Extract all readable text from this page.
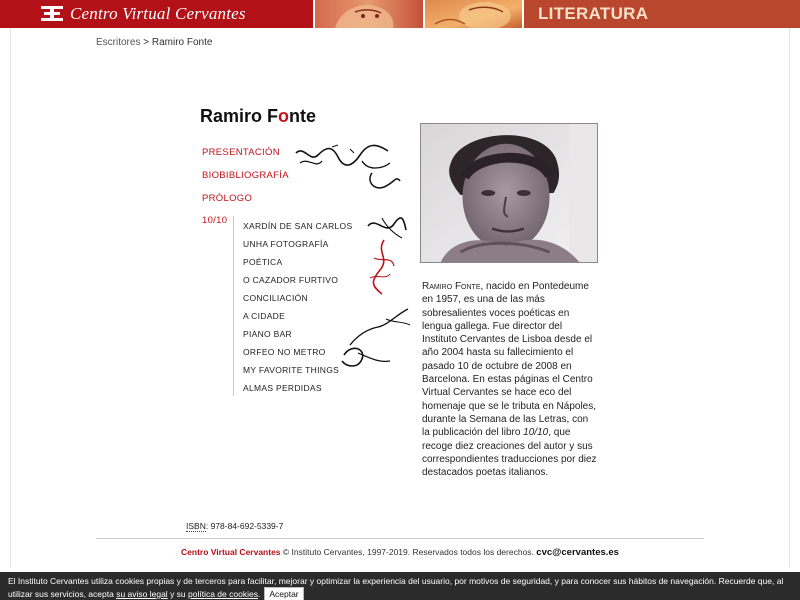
Centro Virtual Cervantes	LITERATURA
Escritores > Ramiro Fonte
Ramiro Fonte
PRESENTACIÓN
BIOBIBLIOGRAFÍA
PRÓLOGO
10/10 XARDÍN DE SAN CARLOS
UNHA FOTOGRAFÍA
POÉTICA
O CAZADOR FURTIVO
CONCILIACIÓN
A CIDADE
PIANO BAR
ORFEO NO METRO
MY FAVORITE THINGS
ALMAS PERDIDAS
Ramiro Fonte, nacido en Pontedeume en 1957, es una de las más sobresalientes voces poéticas en lengua gallega. Fue director del Instituto Cervantes de Lisboa desde el año 2004 hasta su fallecimiento el pasado 10 de octubre de 2008 en Barcelona. En estas páginas el Centro Virtual Cervantes se hace eco del homenaje que se le tributa en Nápoles, durante la Semana de las Letras, con la publicación del libro 10/10, que recoge diez creaciones del autor y sus correspondientes traducciones por diez destacados poetas italianos.
ISBN: 978-84-692-5339-7
Centro Virtual Cervantes © Instituto Cervantes, 1997-2019. Reservados todos los derechos. cvc@cervantes.es
El Instituto Cervantes utiliza cookies propias y de terceros para facilitar, mejorar y optimizar la experiencia del usuario, por motivos de seguridad, y para conocer sus hábitos de navegación. Recuerde que, al utilizar sus servicios, acepta su aviso legal y su política de cookies. Aceptar
